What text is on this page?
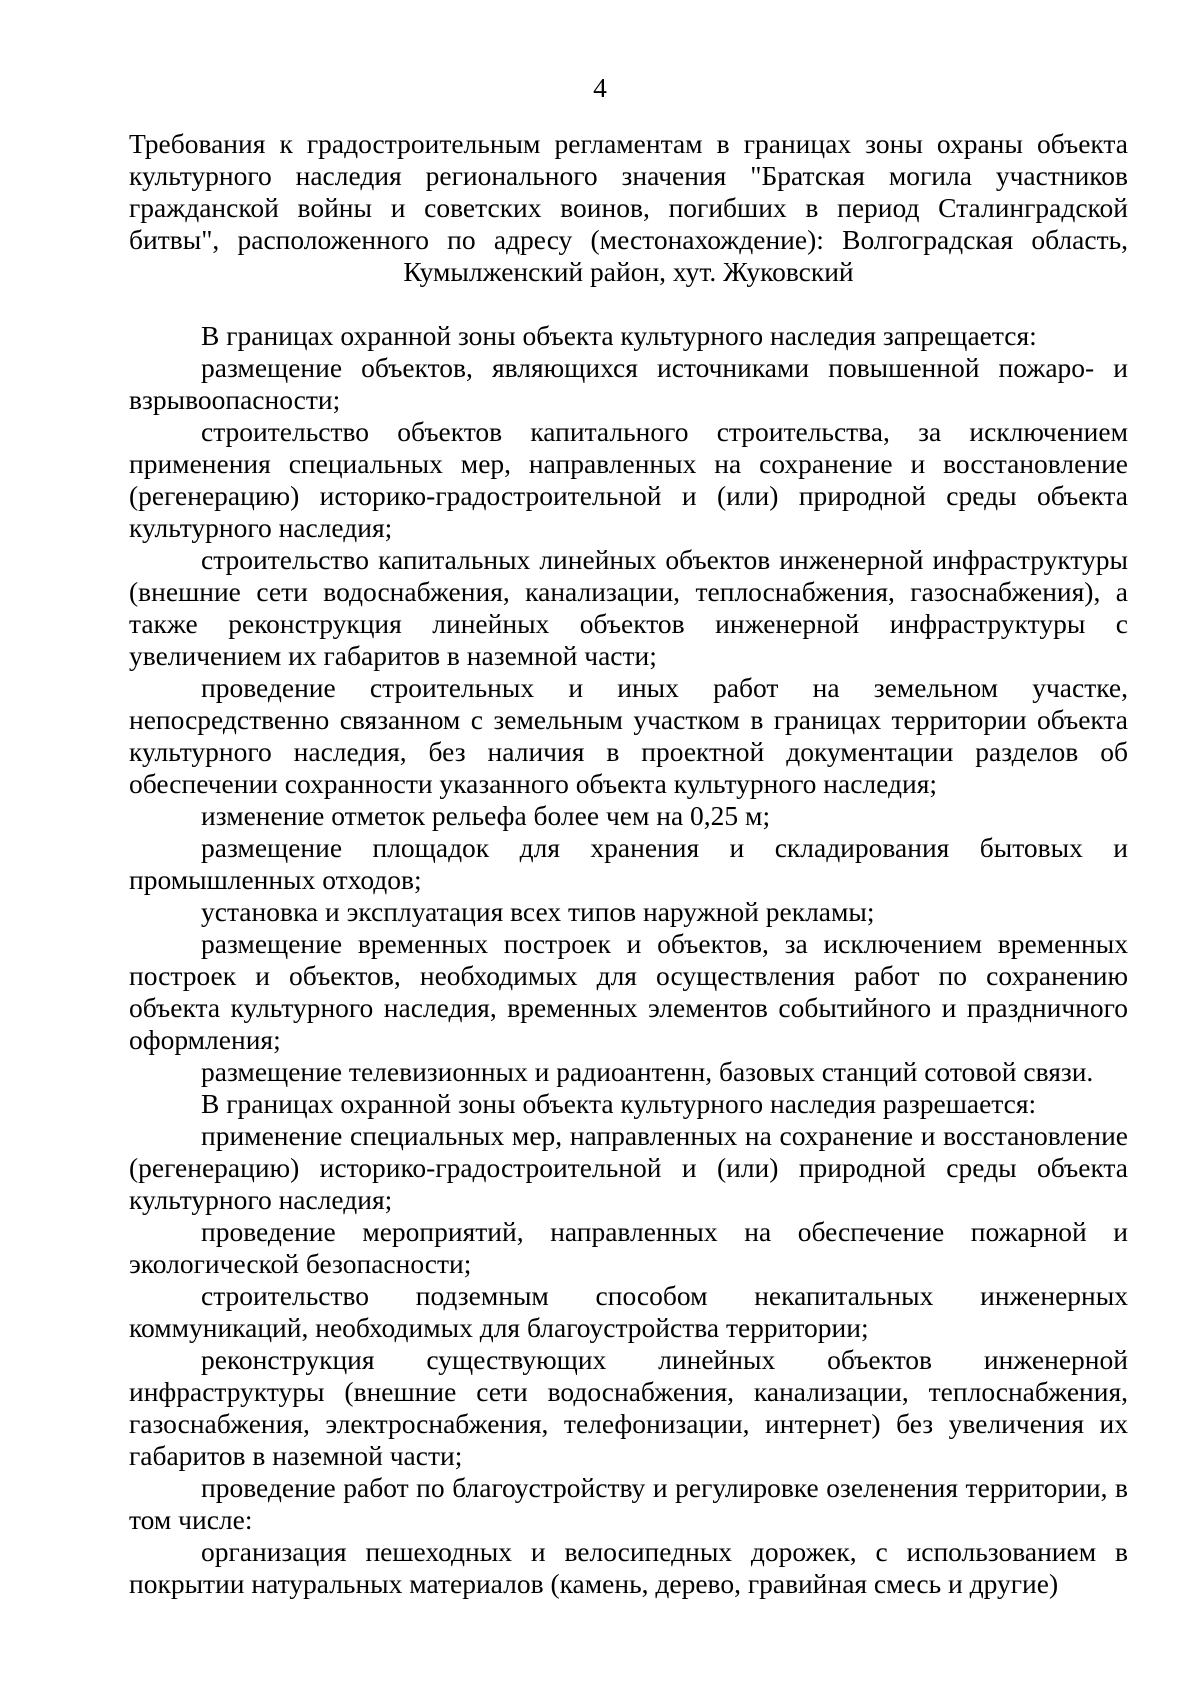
4

Требования к градостроительным регламентам в границах зоны охраны объекта культурного наследия регионального значения "Братская могила участников гражданской войны и советских воинов, погибших в период Сталинградской битвы", расположенного по адресу (местонахождение): Волгоградская область, Кумылженский район, хут. Жуковский

В границах охранной зоны объекта культурного наследия запрещается:

размещение объектов, являющихся источниками повышенной пожаро- и взрывоопасности;

строительство объектов капитального строительства, за исключением применения специальных мер, направленных на сохранение и восстановление (регенерацию) историко-градостроительной и (или) природной среды объекта культурного наследия;

строительство капитальных линейных объектов инженерной инфраструктуры (внешние сети водоснабжения, канализации, теплоснабжения, газоснабжения), а также реконструкция линейных объектов инженерной инфраструктуры с увеличением их габаритов в наземной части;

проведение строительных и иных работ на земельном участке, непосредственно связанном с земельным участком в границах территории объекта культурного наследия, без наличия в проектной документации разделов об обеспечении сохранности указанного объекта культурного наследия;

изменение отметок рельефа более чем на 0,25 м;

размещение площадок для хранения и складирования бытовых и промышленных отходов;

установка и эксплуатация всех типов наружной рекламы;

размещение временных построек и объектов, за исключением временных построек и объектов, необходимых для осуществления работ по сохранению объекта культурного наследия, временных элементов событийного и праздничного оформления;

размещение телевизионных и радиоантенн, базовых станций сотовой связи.

В границах охранной зоны объекта культурного наследия разрешается:

применение специальных мер, направленных на сохранение и восстановление (регенерацию) историко-градостроительной и (или) природной среды объекта культурного наследия;

проведение мероприятий, направленных на обеспечение пожарной и экологической безопасности;

строительство подземным способом некапитальных инженерных коммуникаций, необходимых для благоустройства территории;

реконструкция существующих линейных объектов инженерной инфраструктуры (внешние сети водоснабжения, канализации, теплоснабжения, газоснабжения, электроснабжения, телефонизации, интернет) без увеличения их габаритов в наземной части;

проведение работ по благоустройству и регулировке озеленения территории, в том числе:

организация пешеходных и велосипедных дорожек, с использованием в покрытии натуральных материалов (камень, дерево, гравийная смесь и другие)
